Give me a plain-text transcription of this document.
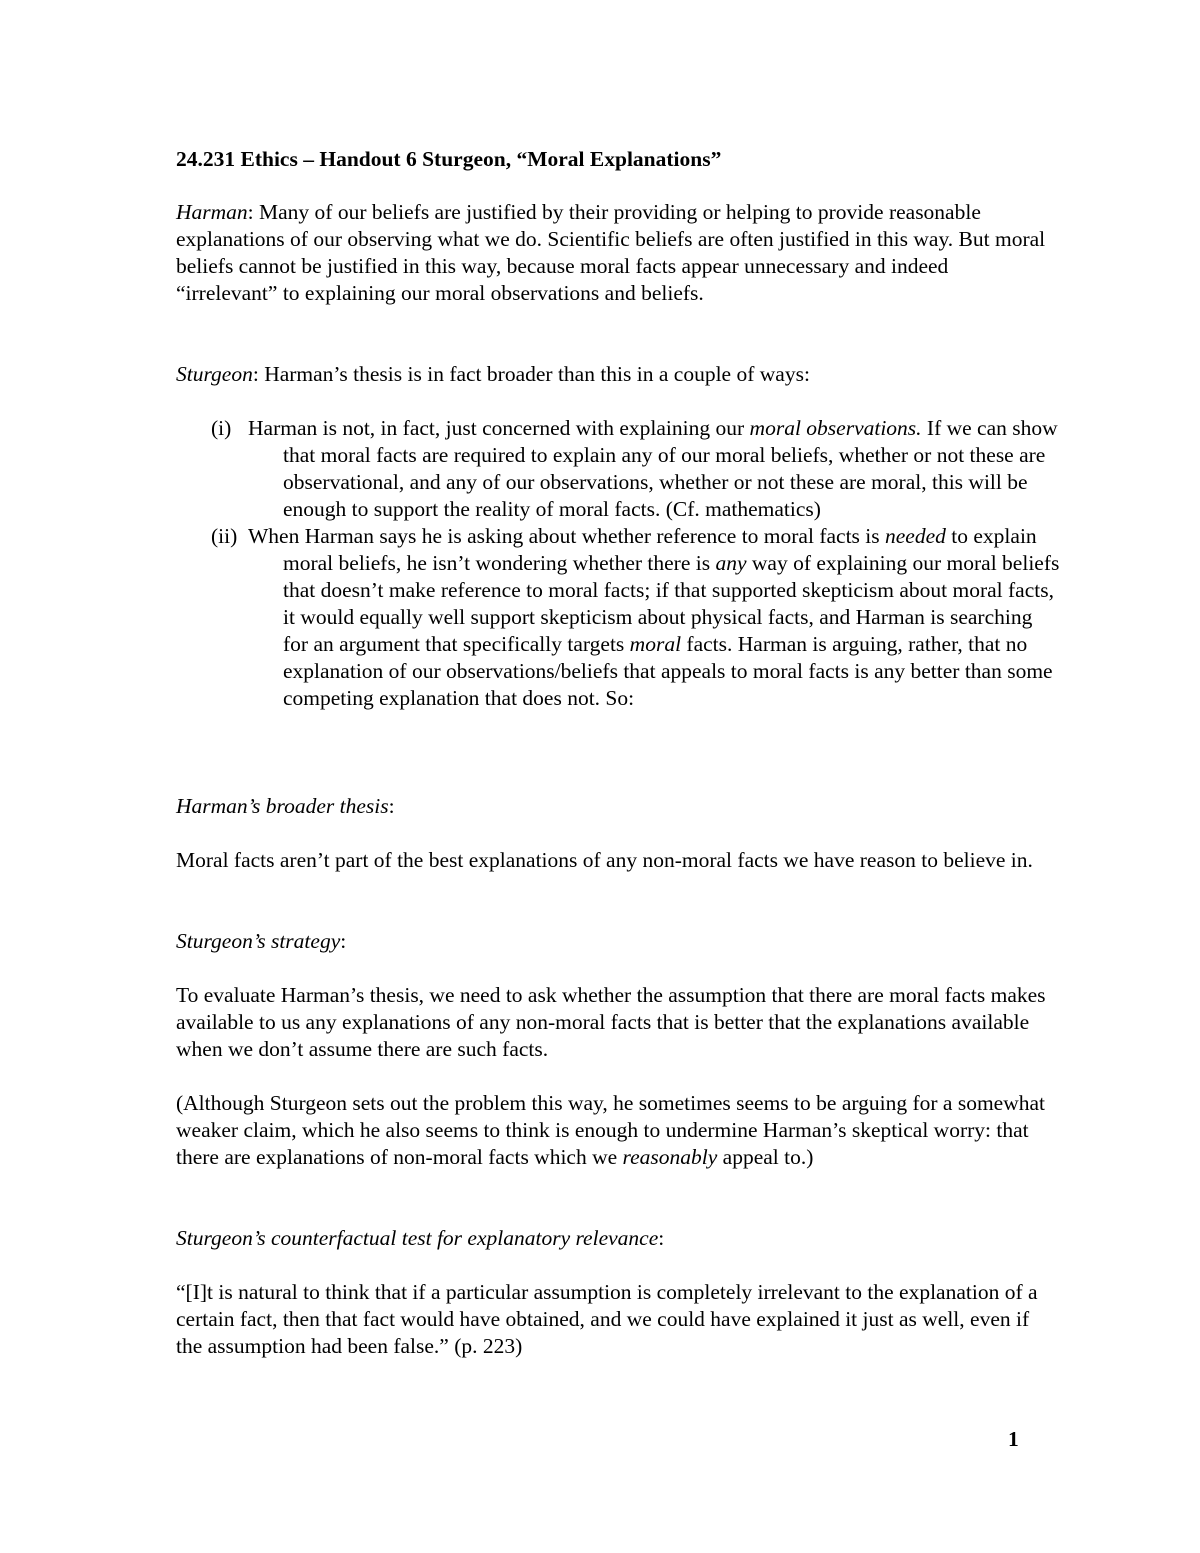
24.231 Ethics – Handout 6 Sturgeon, “Moral Explanations”

Harman: Many of our beliefs are justified by their providing or helping to provide reasonable explanations of our observing what we do. Scientific beliefs are often justified in this way. But moral beliefs cannot be justified in this way, because moral facts appear unnecessary and indeed “irrelevant” to explaining our moral observations and beliefs.

Sturgeon: Harman’s thesis is in fact broader than this in a couple of ways:

(i) Harman is not, in fact, just concerned with explaining our moral observations. If we can show that moral facts are required to explain any of our moral beliefs, whether or not these are observational, and any of our observations, whether or not these are moral, this will be enough to support the reality of moral facts. (Cf. mathematics)
(ii) When Harman says he is asking about whether reference to moral facts is needed to explain moral beliefs, he isn’t wondering whether there is any way of explaining our moral beliefs that doesn’t make reference to moral facts; if that supported skepticism about moral facts, it would equally well support skepticism about physical facts, and Harman is searching for an argument that specifically targets moral facts. Harman is arguing, rather, that no explanation of our observations/beliefs that appeals to moral facts is any better than some competing explanation that does not. So:

Harman’s broader thesis:

Moral facts aren’t part of the best explanations of any non-moral facts we have reason to believe in.

Sturgeon’s strategy:

To evaluate Harman’s thesis, we need to ask whether the assumption that there are moral facts makes available to us any explanations of any non-moral facts that is better that the explanations available when we don’t assume there are such facts.

(Although Sturgeon sets out the problem this way, he sometimes seems to be arguing for a somewhat weaker claim, which he also seems to think is enough to undermine Harman’s skeptical worry: that there are explanations of non-moral facts which we reasonably appeal to.)

Sturgeon’s counterfactual test for explanatory relevance:

“[I]t is natural to think that if a particular assumption is completely irrelevant to the explanation of a certain fact, then that fact would have obtained, and we could have explained it just as well, even if the assumption had been false.” (p. 223)

1
